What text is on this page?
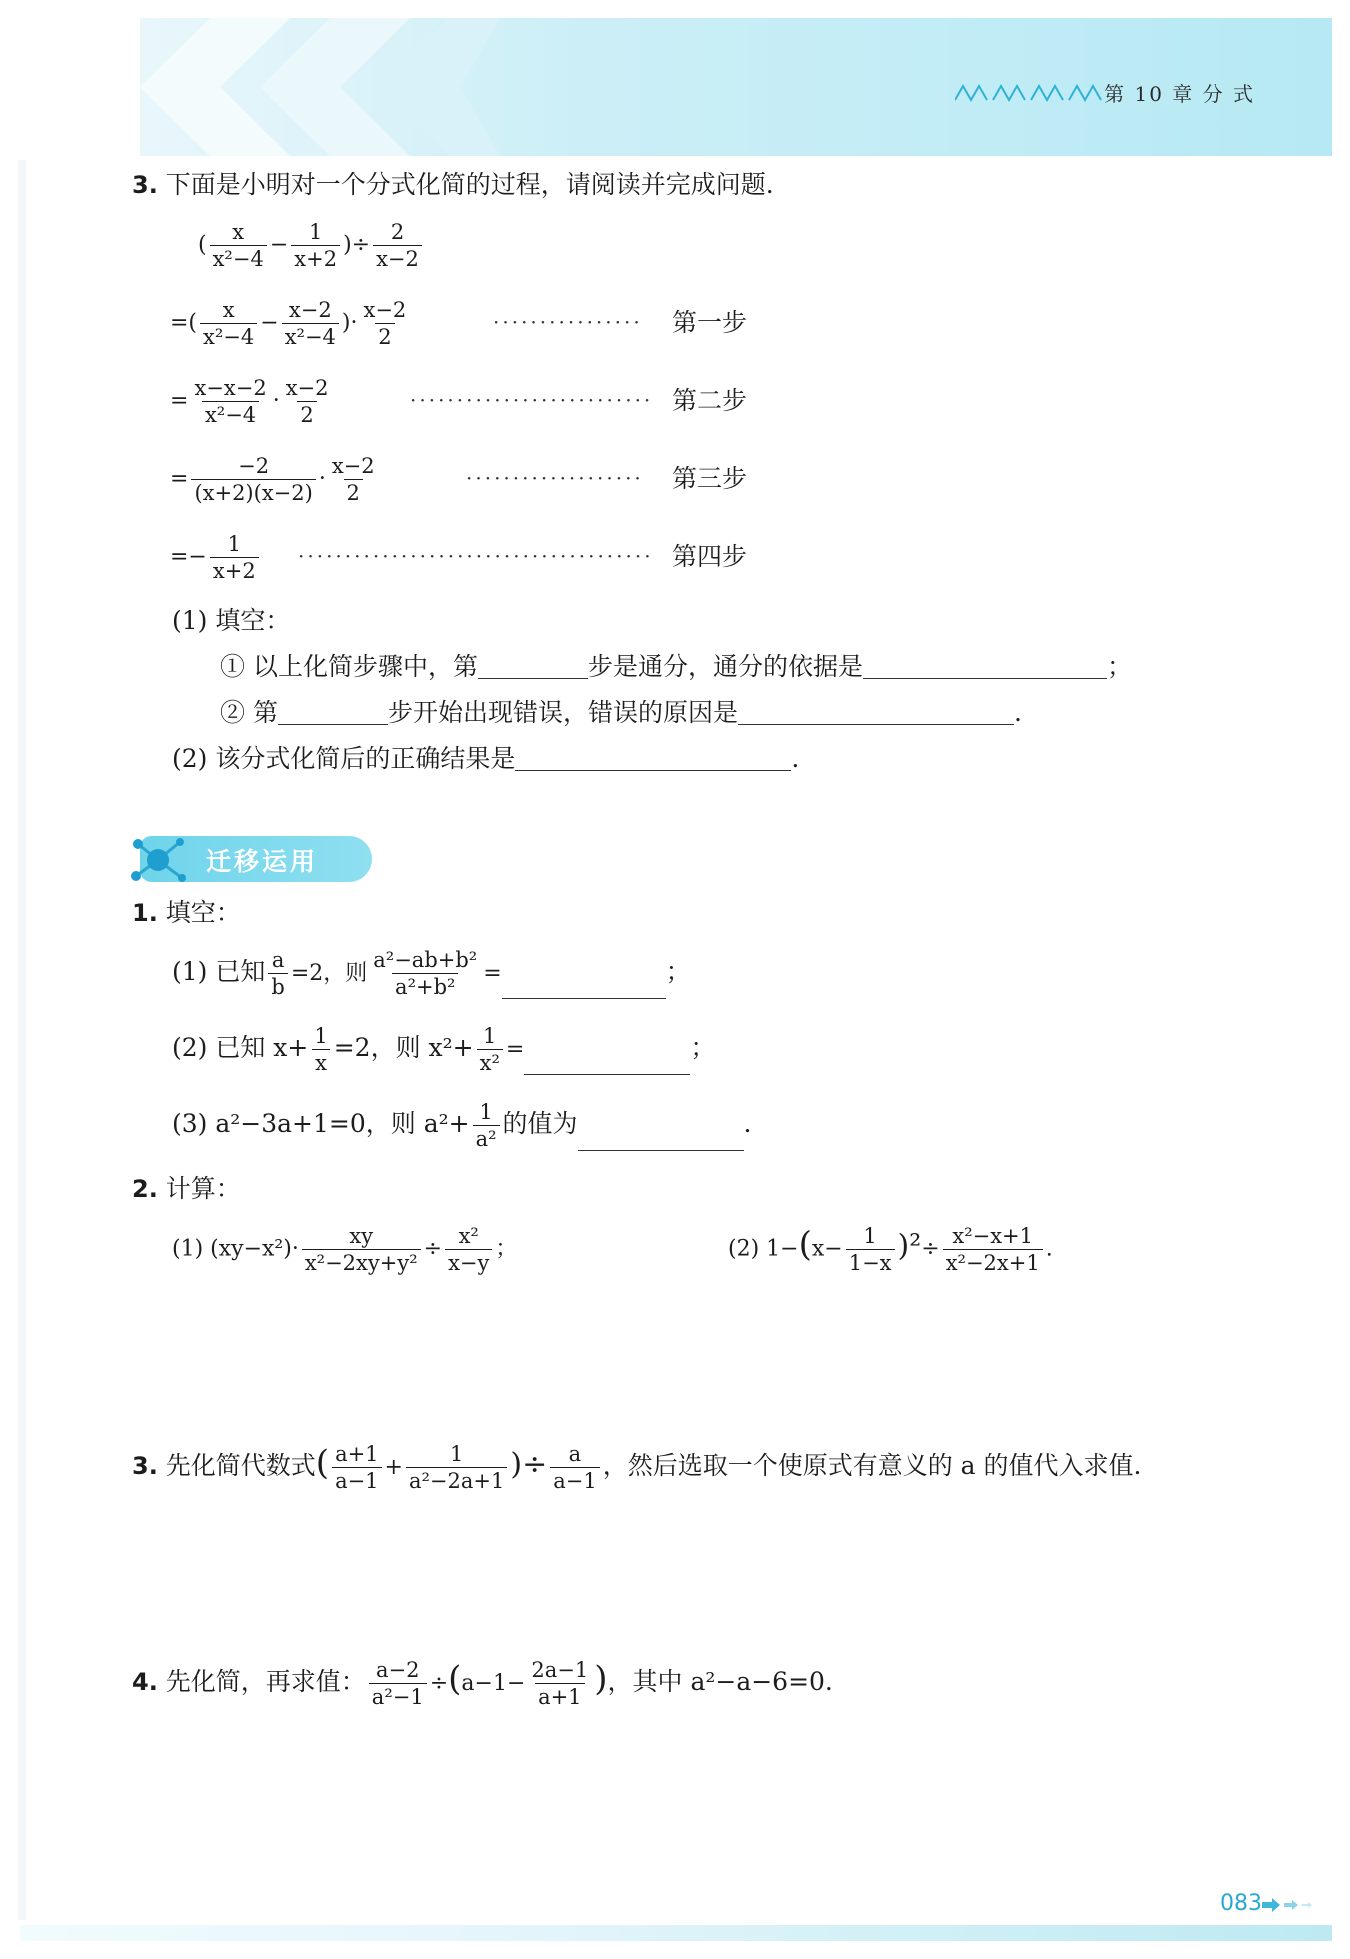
第 10 章 分 式
3. 下面是小明对一个分式化简的过程，请阅读并完成问题.
( $\frac{x}{\text{x²−4}} - \frac{1}{x+2}$ )÷ $\frac{2}{x-2}$
=( $\frac{x}{\text{x²−4}} - \frac{x-2}{\text{x²−4}}$ )· $\frac{x-2}{2}$	················ 第一步
= $\frac{x-x-2}{\text{x²−4}} \cdot \frac{x-2}{2}$	·························· 第二步
= $\frac{-2}{(x+2)(x-2)} \cdot \frac{x-2}{2}$	··················· 第三步
=− $\frac{1}{x+2}$ ······································ 第四步
(1) 填空：
① 以上化简步骤中，第	步是通分，通分的依据是	；
② 第	步开始出现错误，错误的原因是	.
(2) 该分式化简后的正确结果是	.
迁移运用
1. 填空：
(1) 已知 $\frac{a}{b} =2$，则 $\frac{\text{a²−ab+b²}}{\text{a²+b²}}$ =	；
(2) 已知 $x+ \frac{1}{x} =2$，则 $x^2+ \frac{1}{\text{x²}}$ =	；
(3) a²−3a+1=0，则 $a^2+ \frac{1}{\text{a²}}$ 的值为	.
2. 计算：
(1) $(xy-x^2)\cdot \frac{xy}{\text{x²−2xy+y²}} \div \frac{\text{x²}}{x-y}$ ；	(2) $1-(x- \frac{1}{1-x} )^2\div \frac{\text{x²−x+1}}{\text{x²−2x+1}}$ .
3. 先化简代数式( $\frac{a+1}{a-1} + \frac{1}{\text{a²−2a+1}}$ )÷ $\frac{a}{a-1}$ ，然后选取一个使原式有意义的 a 的值代入求值.
4. 先化简，再求值： $\frac{a-2}{\text{a²−1}} \div(a-1- \frac{2a-1}{a+1}$ )，其中 a²−a−6=0.
083
